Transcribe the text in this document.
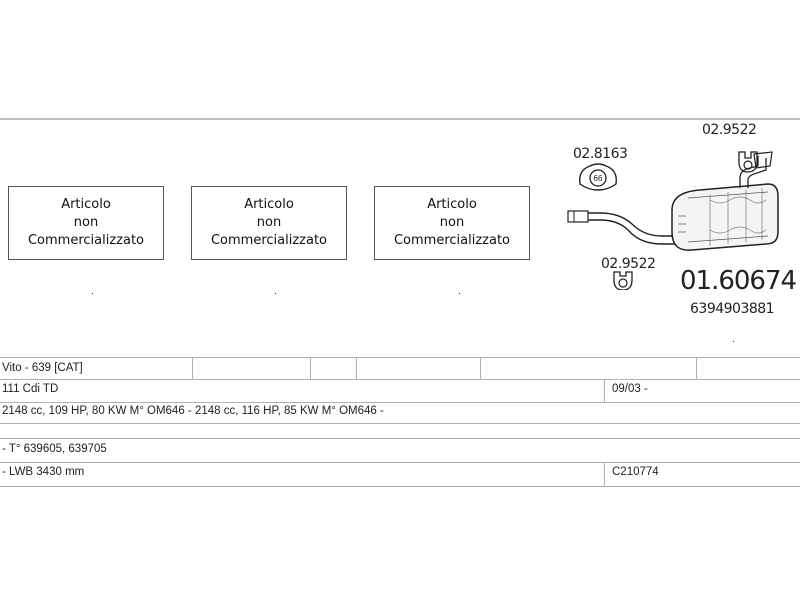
Articolo
non
Commercializzato
Articolo
non
Commercializzato
Articolo
non
Commercializzato
.	.	.
.
02.9522
02.8163
02.9522
01.60674
6394903881
66
Vito - 639 [CAT]
111 Cdi TD	09/03 -
2148 cc, 109 HP, 80 KW M° OM646 - 2148 cc, 116 HP, 85 KW M° OM646 -
- T° 639605, 639705
- LWB 3430 mm	C210774
